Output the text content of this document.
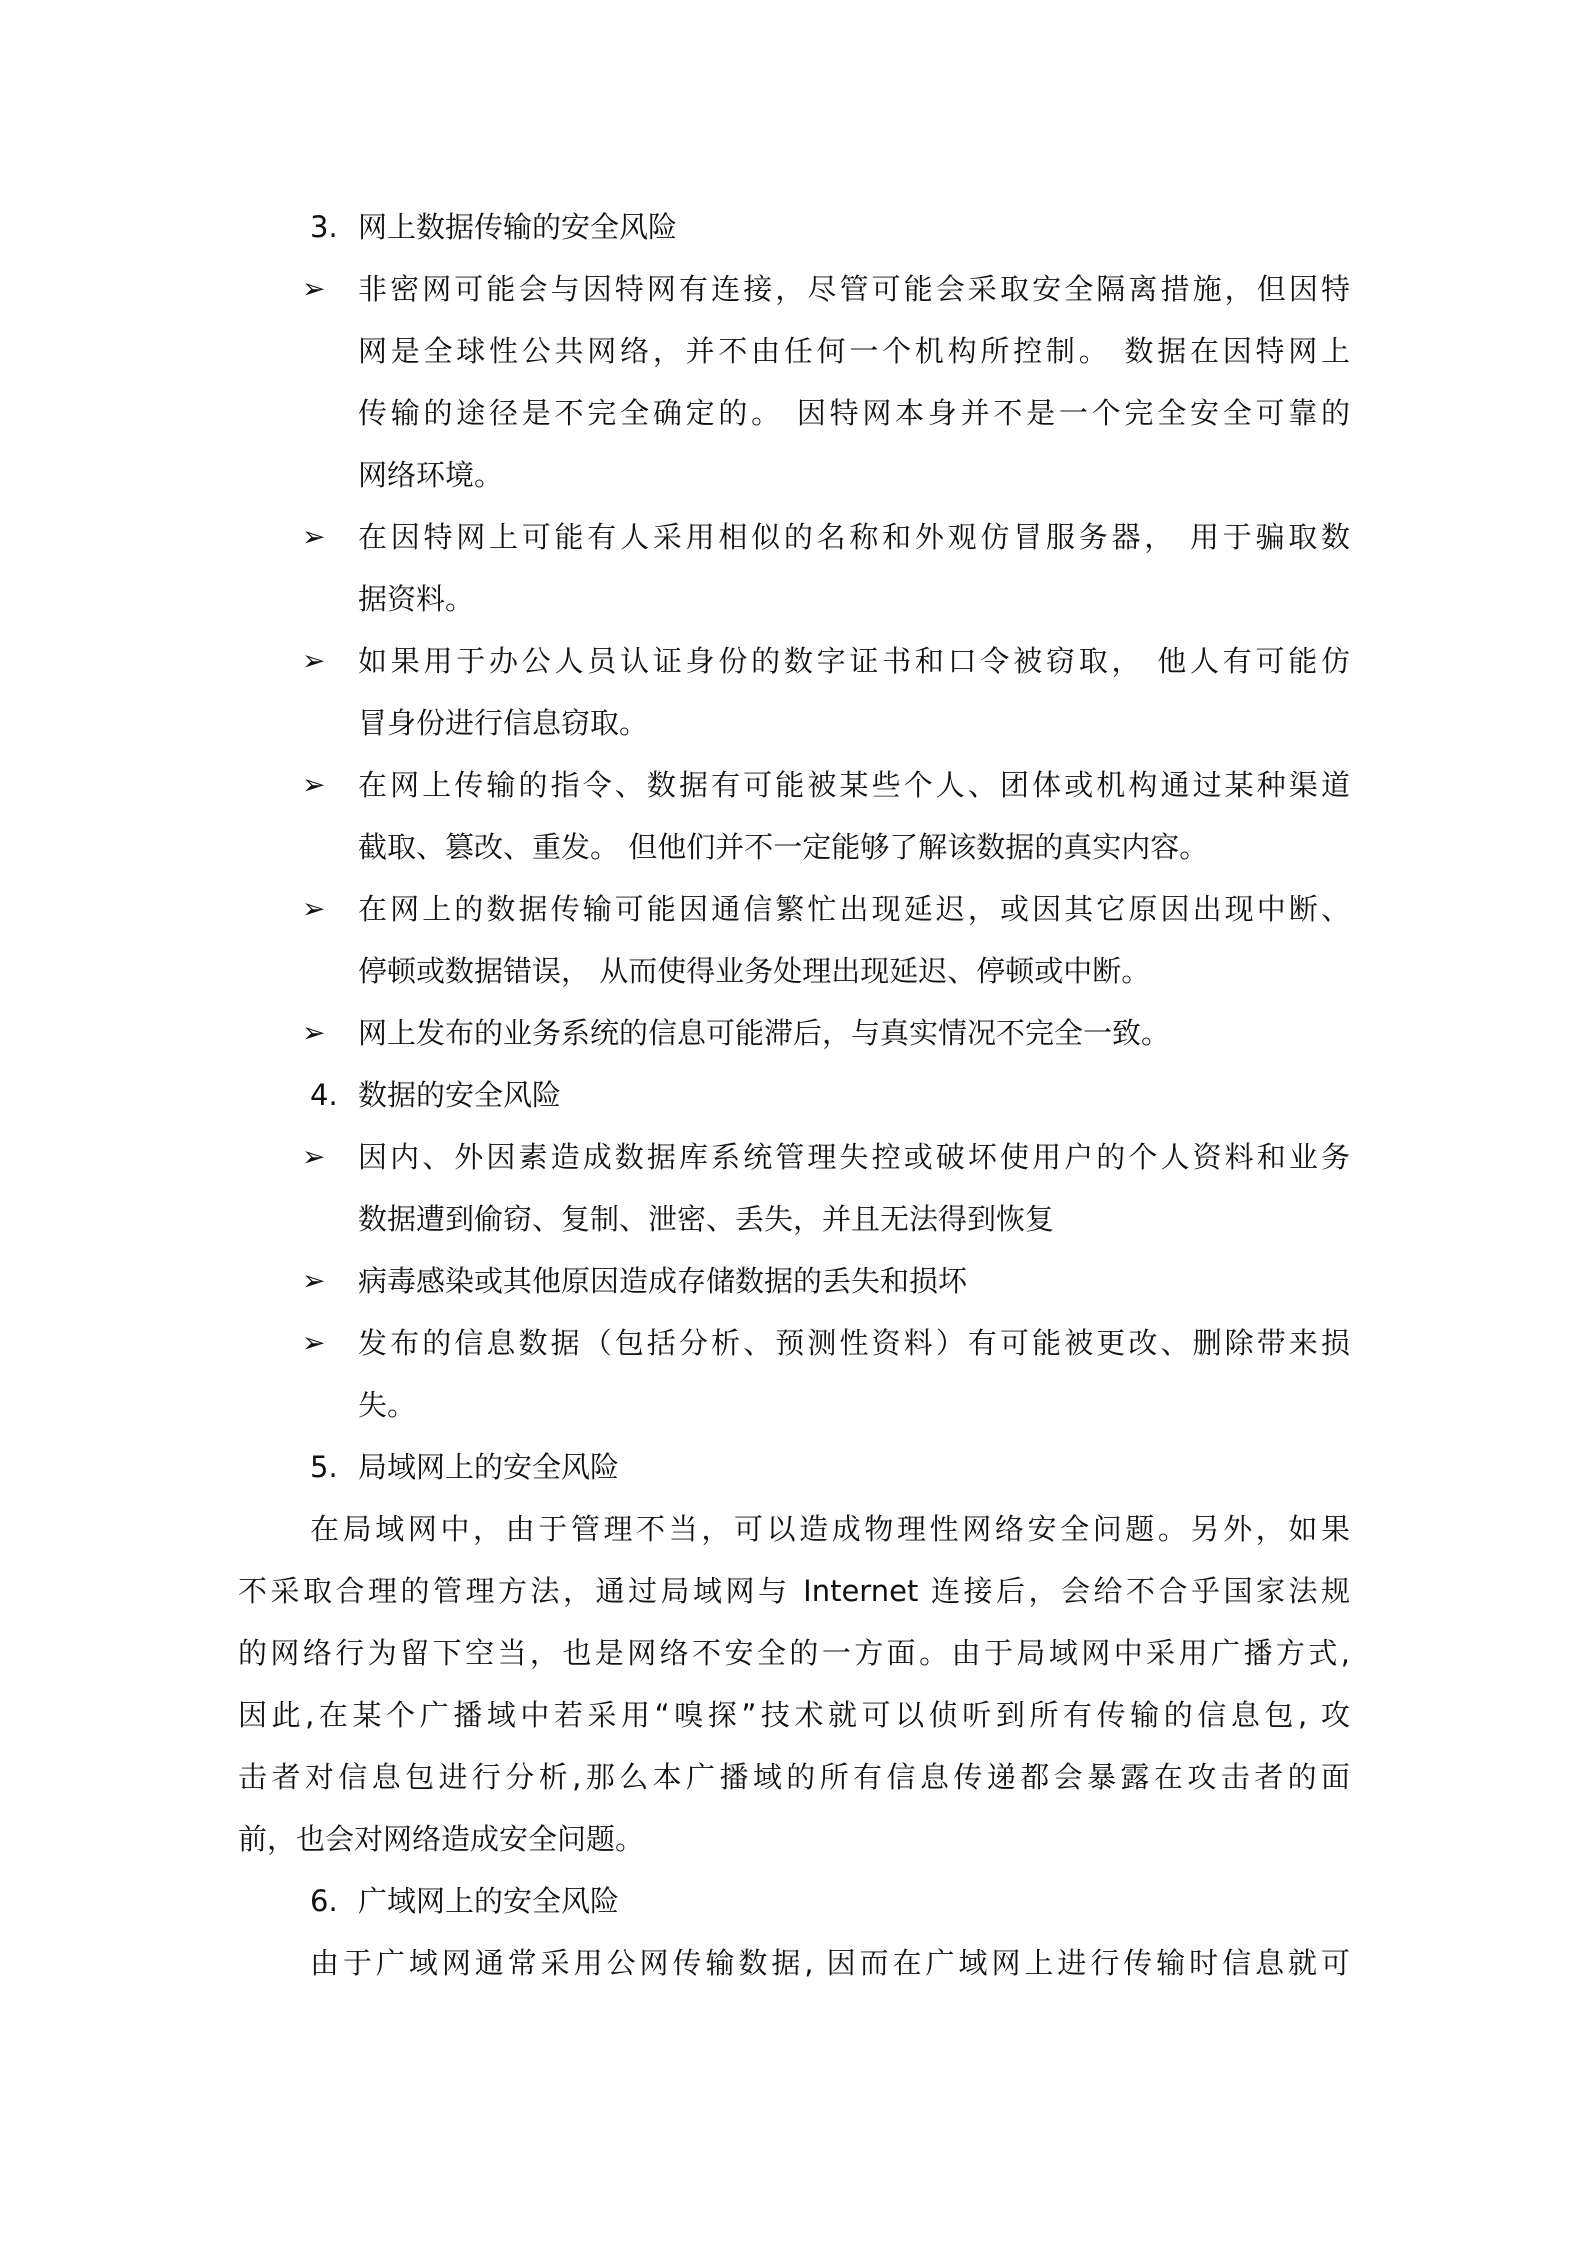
3. 网上数据传输的安全风险
➢ 非密网可能会与因特网有连接，尽管可能会采取安全隔离措施，但因特
网是全球性公共网络，并不由任何一个机构所控制。 数据在因特网上
传输的途径是不完全确定的。 因特网本身并不是一个完全安全可靠的
网络环境。
➢ 在因特网上可能有人采用相似的名称和外观仿冒服务器， 用于骗取数
据资料。
➢ 如果用于办公人员认证身份的数字证书和口令被窃取， 他人有可能仿
冒身份进行信息窃取。
➢ 在网上传输的指令、数据有可能被某些个人、团体或机构通过某种渠道
截取、篡改、重发。 但他们并不一定能够了解该数据的真实内容。
➢ 在网上的数据传输可能因通信繁忙出现延迟，或因其它原因出现中断、
停顿或数据错误， 从而使得业务处理出现延迟、停顿或中断。
➢ 网上发布的业务系统的信息可能滞后，与真实情况不完全一致。
4. 数据的安全风险
➢ 因内、外因素造成数据库系统管理失控或破坏使用户的个人资料和业务
数据遭到偷窃、复制、泄密、丢失，并且无法得到恢复
➢ 病毒感染或其他原因造成存储数据的丢失和损坏
➢ 发布的信息数据（包括分析、预测性资料）有可能被更改、删除带来损
失。
5. 局域网上的安全风险
在局域网中，由于管理不当，可以造成物理性网络安全问题。另外，如果
不采取合理的管理方法，通过局域网与 Internet 连接后，会给不合乎国家法规
的网络行为留下空当，也是网络不安全的一方面。由于局域网中采用广播方式,
因此,在某个广播域中若采用“嗅探”技术就可以侦听到所有传输的信息包, 攻
击者对信息包进行分析,那么本广播域的所有信息传递都会暴露在攻击者的面
前，也会对网络造成安全问题。
6. 广域网上的安全风险
由于广域网通常采用公网传输数据, 因而在广域网上进行传输时信息就可
